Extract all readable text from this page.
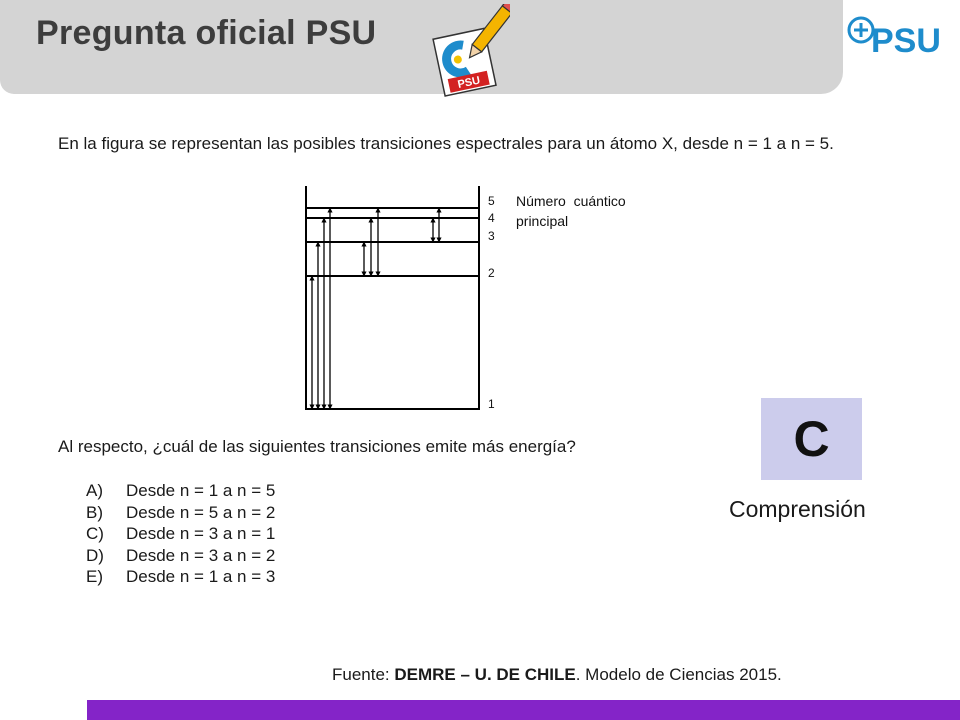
Pregunta oficial PSU
PSU
PSU
En la figura se representan las posibles transiciones espectrales para un átomo X, desde n = 1 a n = 5.
5
4
3
2
1
Número  cuántico
principal
Al respecto, ¿cuál de las siguientes transiciones emite más energía?
A)	Desde n = 1 a n = 5
B)	Desde n = 5 a n = 2
C)	Desde n = 3 a n = 1
D)	Desde n = 3 a n = 2
E)	Desde n = 1 a n = 3
C
Comprensión
Fuente: DEMRE – U. DE CHILE. Modelo de Ciencias 2015.
